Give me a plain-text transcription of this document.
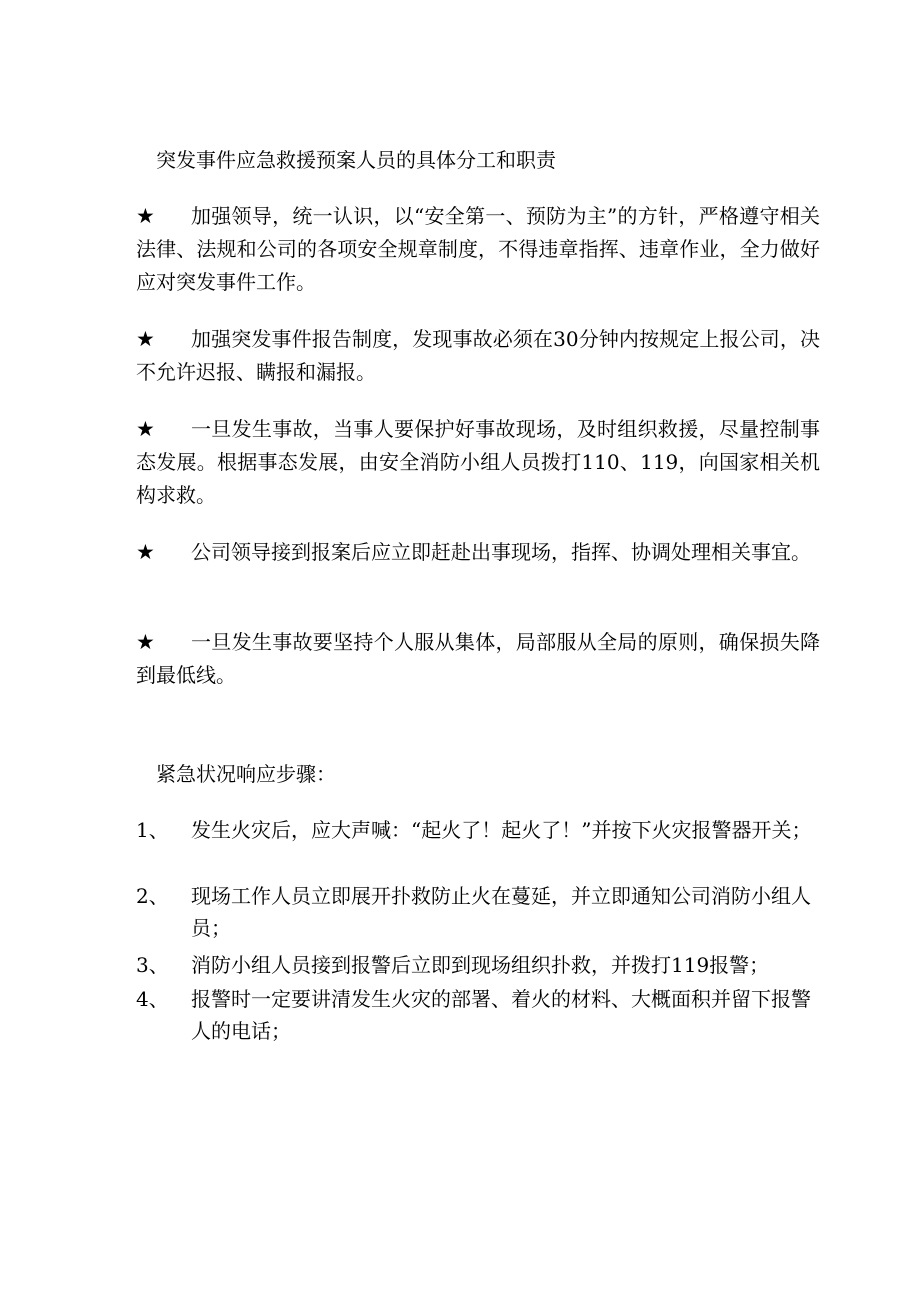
突发事件应急救援预案人员的具体分工和职责
★	加强领导，统一认识，以“安全第一、预防为主”的方针，严格遵守相关法律、法规和公司的各项安全规章制度，不得违章指挥、违章作业，全力做好应对突发事件工作。
★	加强突发事件报告制度，发现事故必须在30分钟内按规定上报公司，决不允许迟报、瞒报和漏报。
★	一旦发生事故，当事人要保护好事故现场，及时组织救援，尽量控制事态发展。根据事态发展，由安全消防小组人员拨打110、119，向国家相关机构求救。
★	公司领导接到报案后应立即赶赴出事现场，指挥、协调处理相关事宜。
★	一旦发生事故要坚持个人服从集体，局部服从全局的原则，确保损失降到最低线。
紧急状况响应步骤：
1、 发生火灾后，应大声喊：“起火了！起火了！”并按下火灾报警器开关；
2、 现场工作人员立即展开扑救防止火在蔓延，并立即通知公司消防小组人员；
3、 消防小组人员接到报警后立即到现场组织扑救，并拨打119报警；
4、 报警时一定要讲清发生火灾的部署、着火的材料、大概面积并留下报警人的电话；
